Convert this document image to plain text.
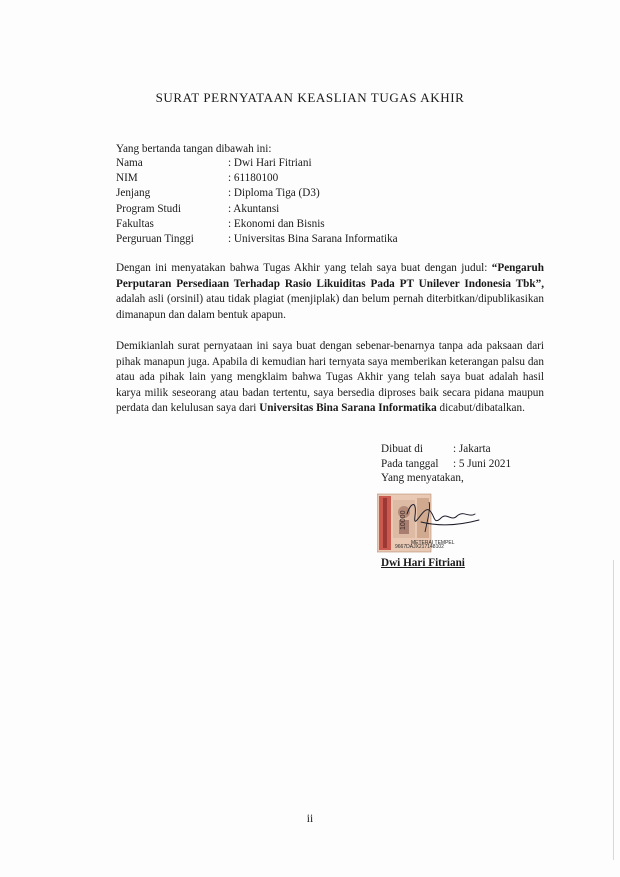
SURAT PERNYATAAN KEASLIAN TUGAS AKHIR
Yang bertanda tangan dibawah ini:
Nama	: Dwi Hari Fitriani
NIM	: 61180100
Jenjang	: Diploma Tiga (D3)
Program Studi	: Akuntansi
Fakultas	: Ekonomi dan Bisnis
Perguruan Tinggi	: Universitas Bina Sarana Informatika
Dengan ini menyatakan bahwa Tugas Akhir yang telah saya buat dengan judul: “Pengaruh Perputaran Persediaan Terhadap Rasio Likuiditas Pada PT Unilever Indonesia Tbk”, adalah asli (orsinil) atau tidak plagiat (menjiplak) dan belum pernah diterbitkan/dipublikasikan dimanapun dan dalam bentuk apapun.
Demikianlah surat pernyataan ini saya buat dengan sebenar-benarnya tanpa ada paksaan dari pihak manapun juga. Apabila di kemudian hari ternyata saya memberikan keterangan palsu dan atau ada pihak lain yang mengklaim bahwa Tugas Akhir yang telah saya buat adalah hasil karya milik seseorang atau badan tertentu, saya bersedia diproses baik secara pidana maupun perdata dan kelulusan saya dari Universitas Bina Sarana Informatika dicabut/dibatalkan.
Dibuat di	: Jakarta
Pada tanggal	: 5 Juni 2021
Yang menyatakan,
10000
9667DAJX217148102
METERAI TEMPEL
Dwi Hari Fitriani
ii
